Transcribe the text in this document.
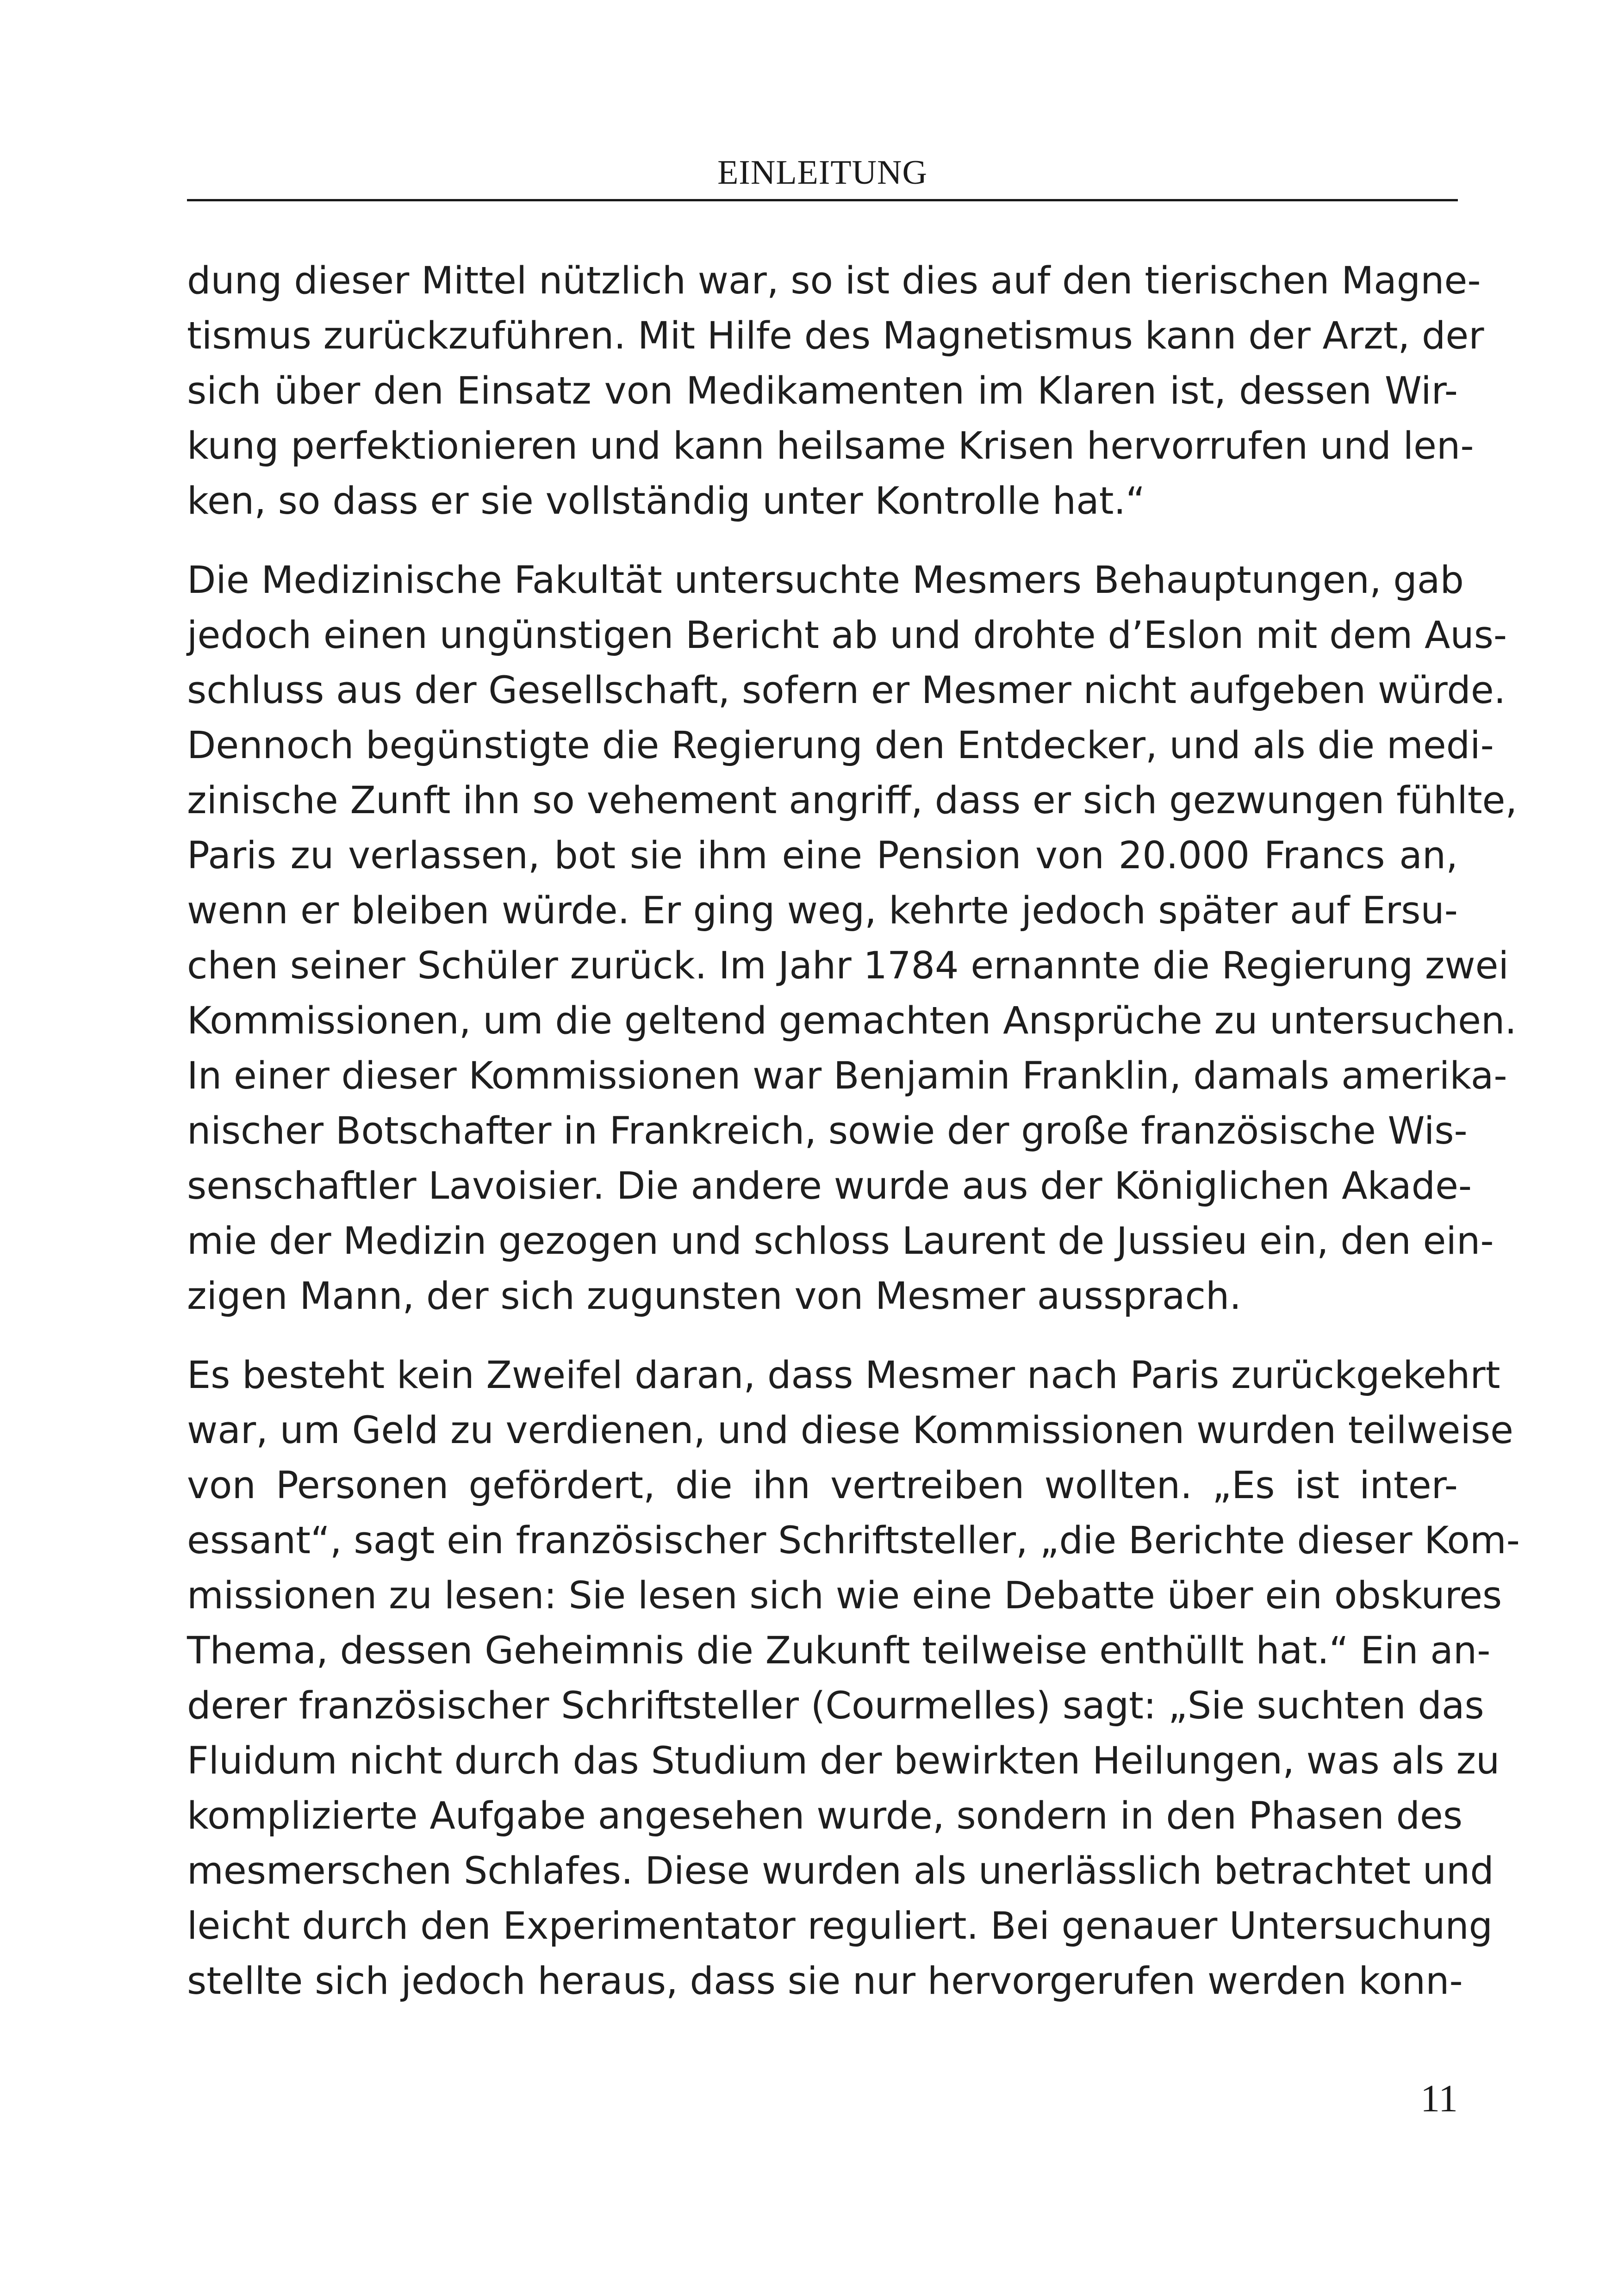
EINLEITUNG
dung dieser Mittel nützlich war, so ist dies auf den tierischen Magne-
tismus zurückzuführen. Mit Hilfe des Magnetismus kann der Arzt, der
sich über den Einsatz von Medikamenten im Klaren ist, dessen Wir-
kung perfektionieren und kann heilsame Krisen hervorrufen und len-
ken, so dass er sie vollständig unter Kontrolle hat.“
Die Medizinische Fakultät untersuchte Mesmers Behauptungen, gab
jedoch einen ungünstigen Bericht ab und drohte d’Eslon mit dem Aus-
schluss aus der Gesellschaft, sofern er Mesmer nicht aufgeben würde.
Dennoch begünstigte die Regierung den Entdecker, und als die medi-
zinische Zunft ihn so vehement angriff, dass er sich gezwungen fühlte,
Paris zu verlassen, bot sie ihm eine Pension von 20.000 Francs an,
wenn er bleiben würde. Er ging weg, kehrte jedoch später auf Ersu-
chen seiner Schüler zurück. Im Jahr 1784 ernannte die Regierung zwei
Kommissionen, um die geltend gemachten Ansprüche zu untersuchen.
In einer dieser Kommissionen war Benjamin Franklin, damals amerika-
nischer Botschafter in Frankreich, sowie der große französische Wis-
senschaftler Lavoisier. Die andere wurde aus der Königlichen Akade-
mie der Medizin gezogen und schloss Laurent de Jussieu ein, den ein-
zigen Mann, der sich zugunsten von Mesmer aussprach.
Es besteht kein Zweifel daran, dass Mesmer nach Paris zurückgekehrt
war, um Geld zu verdienen, und diese Kommissionen wurden teilweise
von Personen gefördert, die ihn vertreiben wollten. „Es ist inter-
essant“, sagt ein französischer Schriftsteller, „die Berichte dieser Kom-
missionen zu lesen: Sie lesen sich wie eine Debatte über ein obskures
Thema, dessen Geheimnis die Zukunft teilweise enthüllt hat.“ Ein an-
derer französischer Schriftsteller (Courmelles) sagt: „Sie suchten das
Fluidum nicht durch das Studium der bewirkten Heilungen, was als zu
komplizierte Aufgabe angesehen wurde, sondern in den Phasen des
mesmerschen Schlafes. Diese wurden als unerlässlich betrachtet und
leicht durch den Experimentator reguliert. Bei genauer Untersuchung
stellte sich jedoch heraus, dass sie nur hervorgerufen werden konn-
11
